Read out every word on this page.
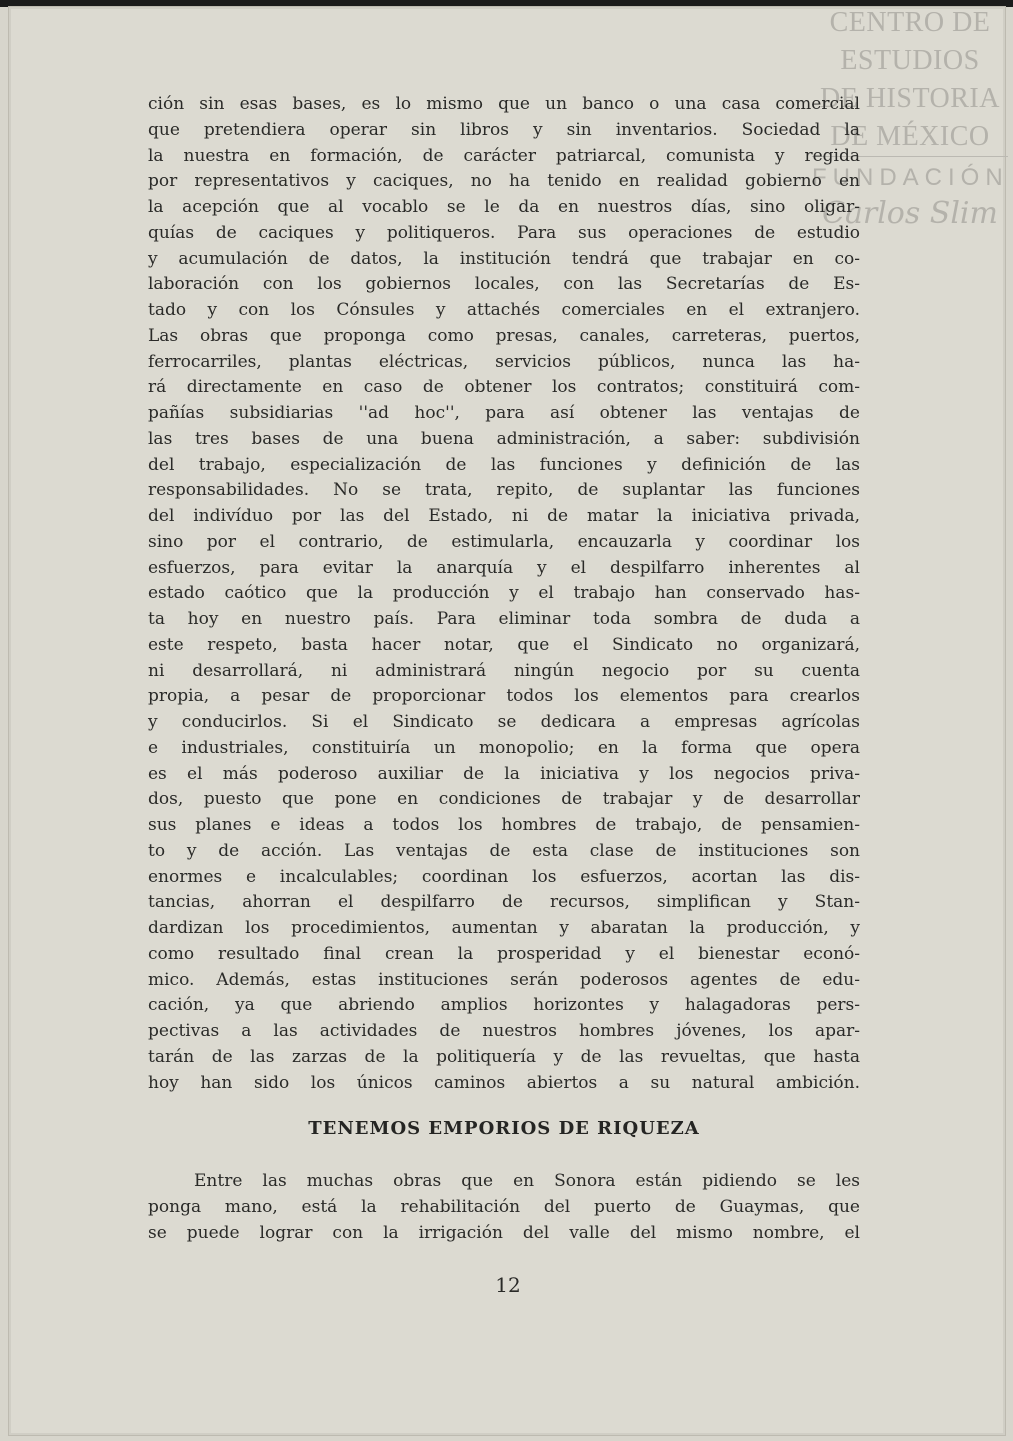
CENTRO DE
ESTUDIOS
DE HISTORIA
DE MÉXICO
FUNDACIÓN
Carlos Slim
ción sin esas bases, es lo mismo que un banco o una casa comercial
que pretendiera operar sin libros y sin inventarios. Sociedad la
la nuestra en formación, de carácter patriarcal, comunista y regida
por representativos y caciques, no ha tenido en realidad gobierno en
la acepción que al vocablo se le da en nuestros días, sino oligar-
quías de caciques y politiqueros. Para sus operaciones de estudio
y acumulación de datos, la institución tendrá que trabajar en co-
laboración con los gobiernos locales, con las Secretarías de Es-
tado y con los Cónsules y attachés comerciales en el extranjero.
Las obras que proponga como presas, canales, carreteras, puertos,
ferrocarriles, plantas eléctricas, servicios públicos, nunca las ha-
rá directamente en caso de obtener los contratos; constituirá com-
pañías subsidiarias ''ad hoc'', para así obtener las ventajas de
las tres bases de una buena administración, a saber: subdivisión
del trabajo, especialización de las funciones y definición de las
responsabilidades. No se trata, repito, de suplantar las funciones
del indivíduo por las del Estado, ni de matar la iniciativa privada,
sino por el contrario, de estimularla, encauzarla y coordinar los
esfuerzos, para evitar la anarquía y el despilfarro inherentes al
estado caótico que la producción y el trabajo han conservado has-
ta hoy en nuestro país. Para eliminar toda sombra de duda a
este respeto, basta hacer notar, que el Sindicato no organizará,
ni desarrollará, ni administrará ningún negocio por su cuenta
propia, a pesar de proporcionar todos los elementos para crearlos
y conducirlos. Si el Sindicato se dedicara a empresas agrícolas
e industriales, constituiría un monopolio; en la forma que opera
es el más poderoso auxiliar de la iniciativa y los negocios priva-
dos, puesto que pone en condiciones de trabajar y de desarrollar
sus planes e ideas a todos los hombres de trabajo, de pensamien-
to y de acción. Las ventajas de esta clase de instituciones son
enormes e incalculables; coordinan los esfuerzos, acortan las dis-
tancias, ahorran el despilfarro de recursos, simplifican y Stan-
dardizan los procedimientos, aumentan y abaratan la producción, y
como resultado final crean la prosperidad y el bienestar econó-
mico. Además, estas instituciones serán poderosos agentes de edu-
cación, ya que abriendo amplios horizontes y halagadoras pers-
pectivas a las actividades de nuestros hombres jóvenes, los apar-
tarán de las zarzas de la politiquería y de las revueltas, que hasta
hoy han sido los únicos caminos abiertos a su natural ambición.
TENEMOS EMPORIOS DE RIQUEZA
Entre las muchas obras que en Sonora están pidiendo se les
ponga mano, está la rehabilitación del puerto de Guaymas, que
se puede lograr con la irrigación del valle del mismo nombre, el
12
